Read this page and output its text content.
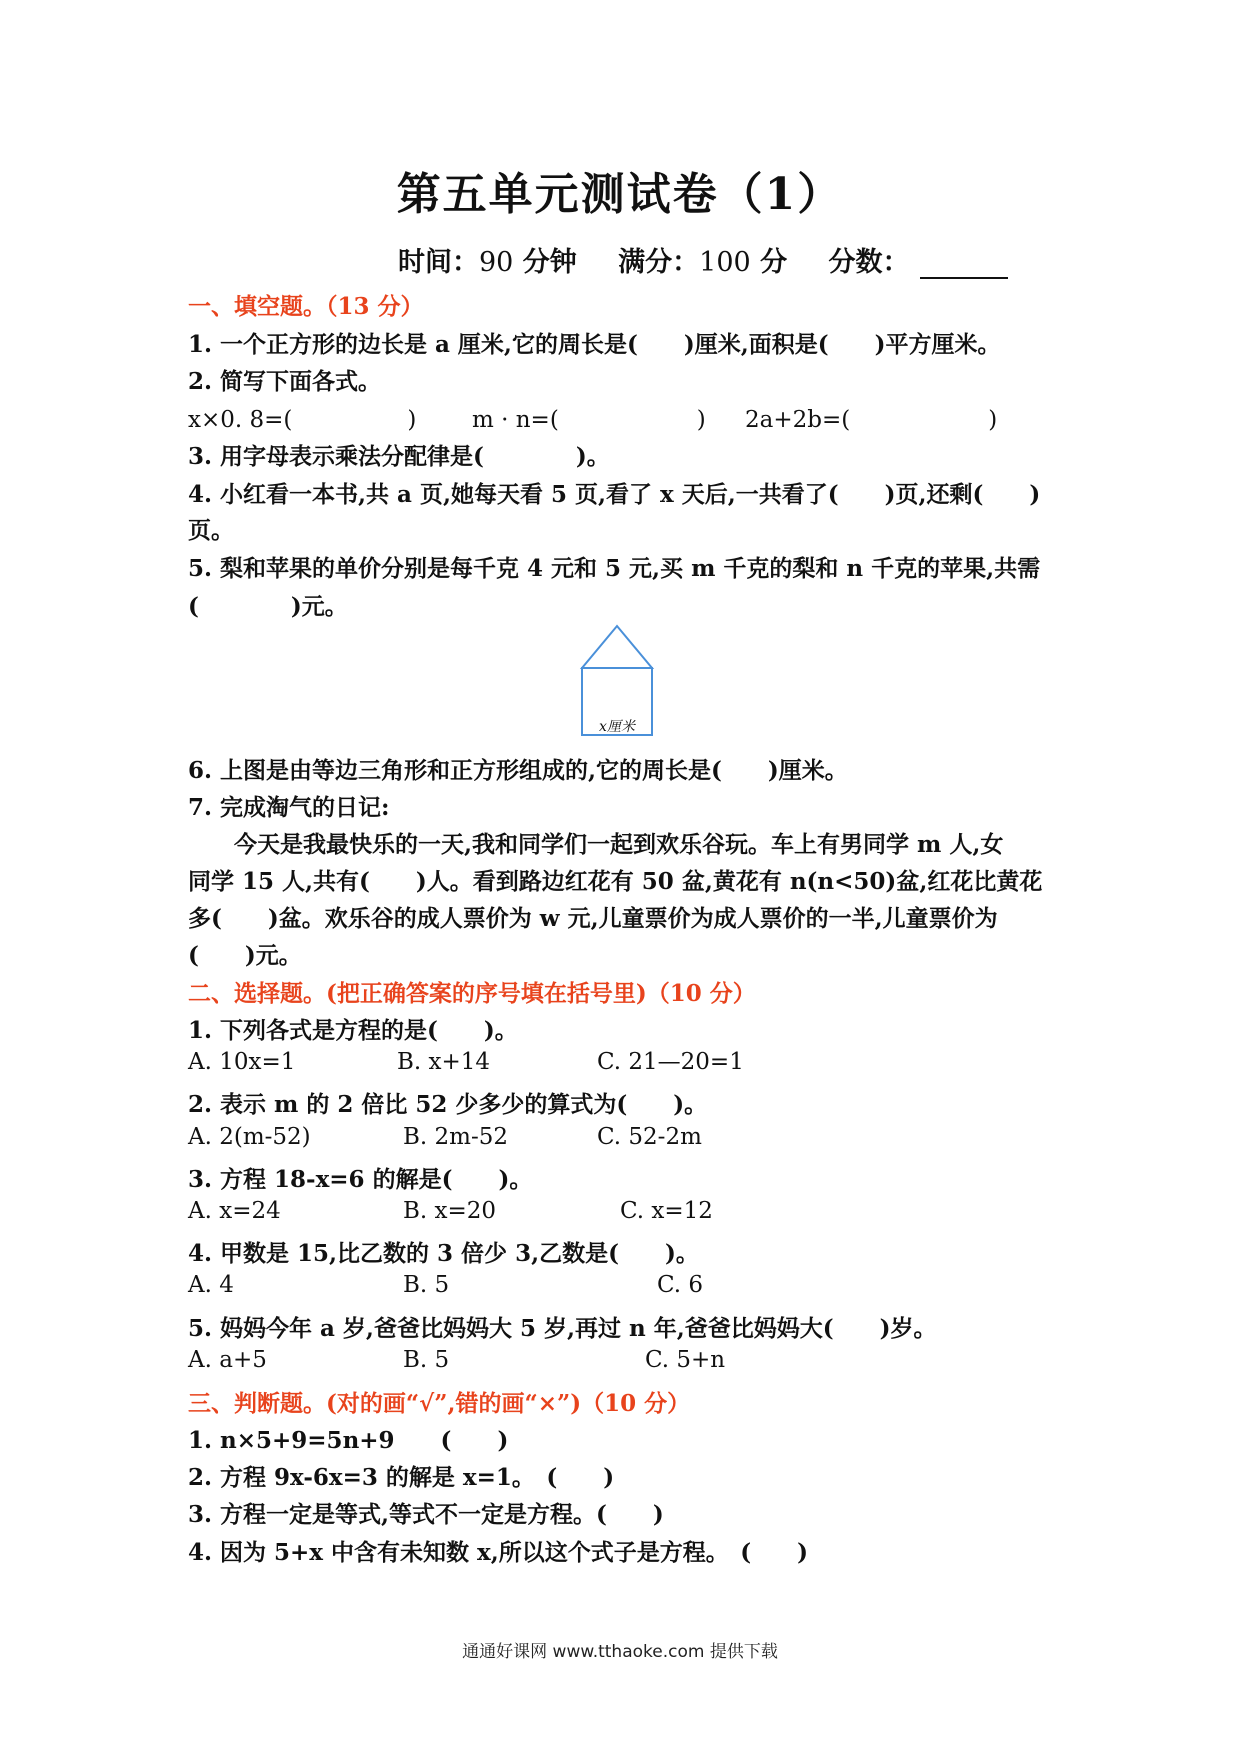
第五单元测试卷（1）
时间：90 分钟 满分：100 分 分数：
一、填空题。（13 分）
1. 一个正方形的边长是 a 厘米,它的周长是(　　)厘米,面积是(　　)平方厘米。
2. 简写下面各式。
x×0. 8=(　　　　　) m · n=(　　　　　　) 2a+2b=(　　　　　　)
3. 用字母表示乘法分配律是(　　　　)。
4. 小红看一本书,共 a 页,她每天看 5 页,看了 x 天后,一共看了(　　)页,还剩(　　)
页。
5. 梨和苹果的单价分别是每千克 4 元和 5 元,买 m 千克的梨和 n 千克的苹果,共需
(　　　　)元。
x厘米
6. 上图是由等边三角形和正方形组成的,它的周长是(　　)厘米。
7. 完成淘气的日记:
　　今天是我最快乐的一天,我和同学们一起到欢乐谷玩。车上有男同学 m 人,女
同学 15 人,共有(　　)人。看到路边红花有 50 盆,黄花有 n(n<50)盆,红花比黄花
多(　　)盆。欢乐谷的成人票价为 w 元,儿童票价为成人票价的一半,儿童票价为
(　　)元。
二、选择题。(把正确答案的序号填在括号里)（10 分）
1. 下列各式是方程的是(　　)。
A. 10x=1	B. x+14	C. 21—20=1
2. 表示 m 的 2 倍比 52 少多少的算式为(　　)。
A. 2(m-52)	B. 2m-52	C. 52-2m
3. 方程 18-x=6 的解是(　　)。
A. x=24	B. x=20	C. x=12
4. 甲数是 15,比乙数的 3 倍少 3,乙数是(　　)。
A. 4	B. 5	C. 6
5. 妈妈今年 a 岁,爸爸比妈妈大 5 岁,再过 n 年,爸爸比妈妈大(　　)岁。
A. a+5	B. 5	C. 5+n
三、判断题。(对的画“√”,错的画“×”)（10 分）
1. n×5+9=5n+9　　(　　)
2. 方程 9x-6x=3 的解是 x=1。　(　　)
3. 方程一定是等式,等式不一定是方程。(　　)
4. 因为 5+x 中含有未知数 x,所以这个式子是方程。　(　　)
通通好课网 www.tthaoke.com 提供下载
